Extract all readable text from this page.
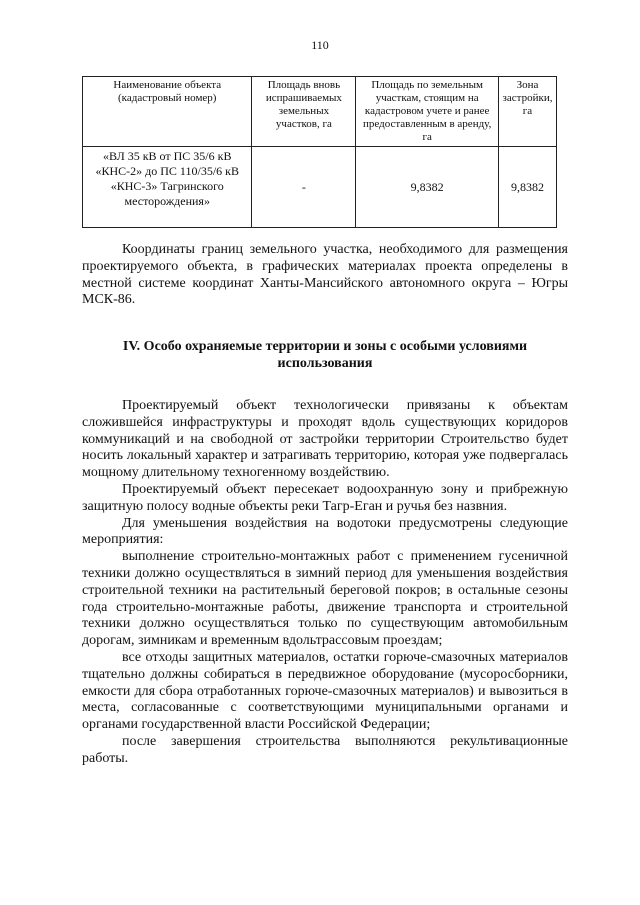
110
Наименование объекта (кадастровый номер)	Площадь вновь испрашиваемых земельных участков, га	Площадь по земельным участкам, стоящим на кадастровом учете и ранее предоставленным в аренду, га	Зона застройки, га
«ВЛ 35 кВ от ПС 35/6 кВ «КНС-2» до ПС 110/35/6 кВ «КНС-3» Тагринского месторождения»	-	9,8382	9,8382

Координаты границ земельного участка, необходимого для размещения проектируемого объекта, в графических материалах проекта определены в местной системе координат Ханты-Мансийского автономного округа – Югры МСК-86.

IV. Особо охраняемые территории и зоны с особыми условиями использования

Проектируемый объект технологически привязаны к объектам сложившейся инфраструктуры и проходят вдоль существующих коридоров коммуникаций и на свободной от застройки территории Строительство будет носить локальный характер и затрагивать территорию, которая уже подвергалась мощному длительному техногенному воздействию.

Проектируемый объект пересекает водоохранную зону и прибрежную защитную полосу водные объекты реки Тагр-Еган и ручья без назвния.

Для уменьшения воздействия на водотоки предусмотрены следующие мероприятия:

выполнение строительно-монтажных работ с применением гусеничной техники должно осуществляться в зимний период для уменьшения воздействия строительной техники на растительный береговой покров; в остальные сезоны года строительно-монтажные работы, движение транспорта и строительной техники должно осуществляться только по существующим автомобильным дорогам, зимникам и временным вдольтрассовым проездам;

все отходы защитных материалов, остатки горюче-смазочных материалов тщательно должны собираться в передвижное оборудование (мусоросборники, емкости для сбора отработанных горюче-смазочных материалов) и вывозиться в места, согласованные с соответствующими муниципальными органами и органами государственной власти Российской Федерации;

после завершения строительства выполняются рекультивационные работы.
